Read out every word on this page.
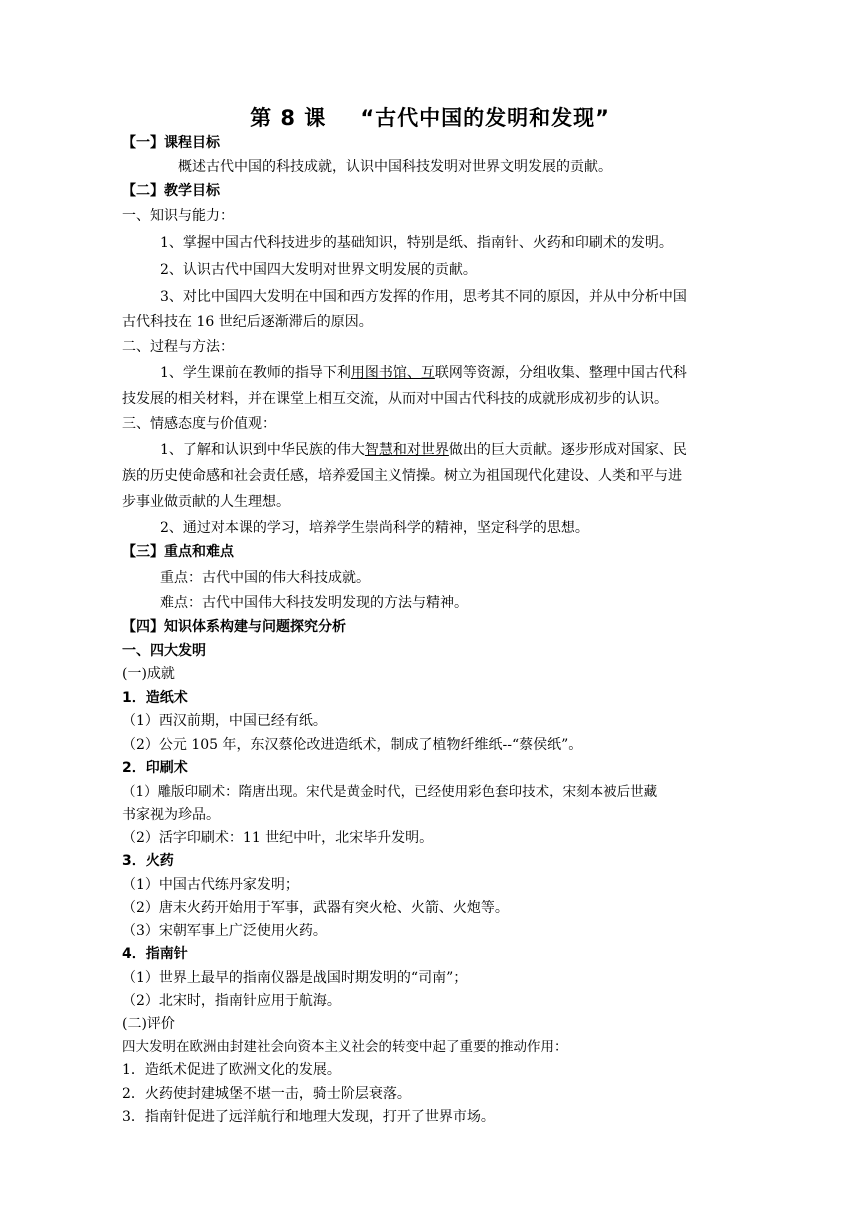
第 8 课 “古代中国的发明和发现”
【一】课程目标
概述古代中国的科技成就，认识中国科技发明对世界文明发展的贡献。
【二】教学目标
一、知识与能力：
1、掌握中国古代科技进步的基础知识，特别是纸、指南针、火药和印刷术的发明。
2、认识古代中国四大发明对世界文明发展的贡献。
3、对比中国四大发明在中国和西方发挥的作用，思考其不同的原因，并从中分析中国
古代科技在 16 世纪后逐渐滞后的原因。
二、过程与方法：
1、学生课前在教师的指导下利用图书馆、互联网等资源，分组收集、整理中国古代科
技发展的相关材料，并在课堂上相互交流，从而对中国古代科技的成就形成初步的认识。
三、情感态度与价值观：
1、了解和认识到中华民族的伟大智慧和对世界做出的巨大贡献。逐步形成对国家、民
族的历史使命感和社会责任感，培养爱国主义情操。树立为祖国现代化建设、人类和平与进
步事业做贡献的人生理想。
2、通过对本课的学习，培养学生崇尚科学的精神，坚定科学的思想。
【三】重点和难点
重点：古代中国的伟大科技成就。
难点：古代中国伟大科技发明发现的方法与精神。
【四】知识体系构建与问题探究分析
一、四大发明
(一)成就
1．造纸术
（1）西汉前期，中国已经有纸。
（2）公元 105 年，东汉蔡伦改进造纸术，制成了植物纤维纸--“蔡侯纸”。
2．印刷术
（1）雕版印刷术：隋唐出现。宋代是黄金时代，已经使用彩色套印技术，宋刻本被后世藏
书家视为珍品。
（2）活字印刷术：11 世纪中叶，北宋毕升发明。
3．火药
（1）中国古代练丹家发明；
（2）唐末火药开始用于军事，武器有突火枪、火箭、火炮等。
（3）宋朝军事上广泛使用火药。
4．指南针
（1）世界上最早的指南仪器是战国时期发明的“司南”；
（2）北宋时，指南针应用于航海。
(二)评价
四大发明在欧洲由封建社会向资本主义社会的转变中起了重要的推动作用：
1．造纸术促进了欧洲文化的发展。
2．火药使封建城堡不堪一击，骑士阶层衰落。
3．指南针促进了远洋航行和地理大发现，打开了世界市场。
